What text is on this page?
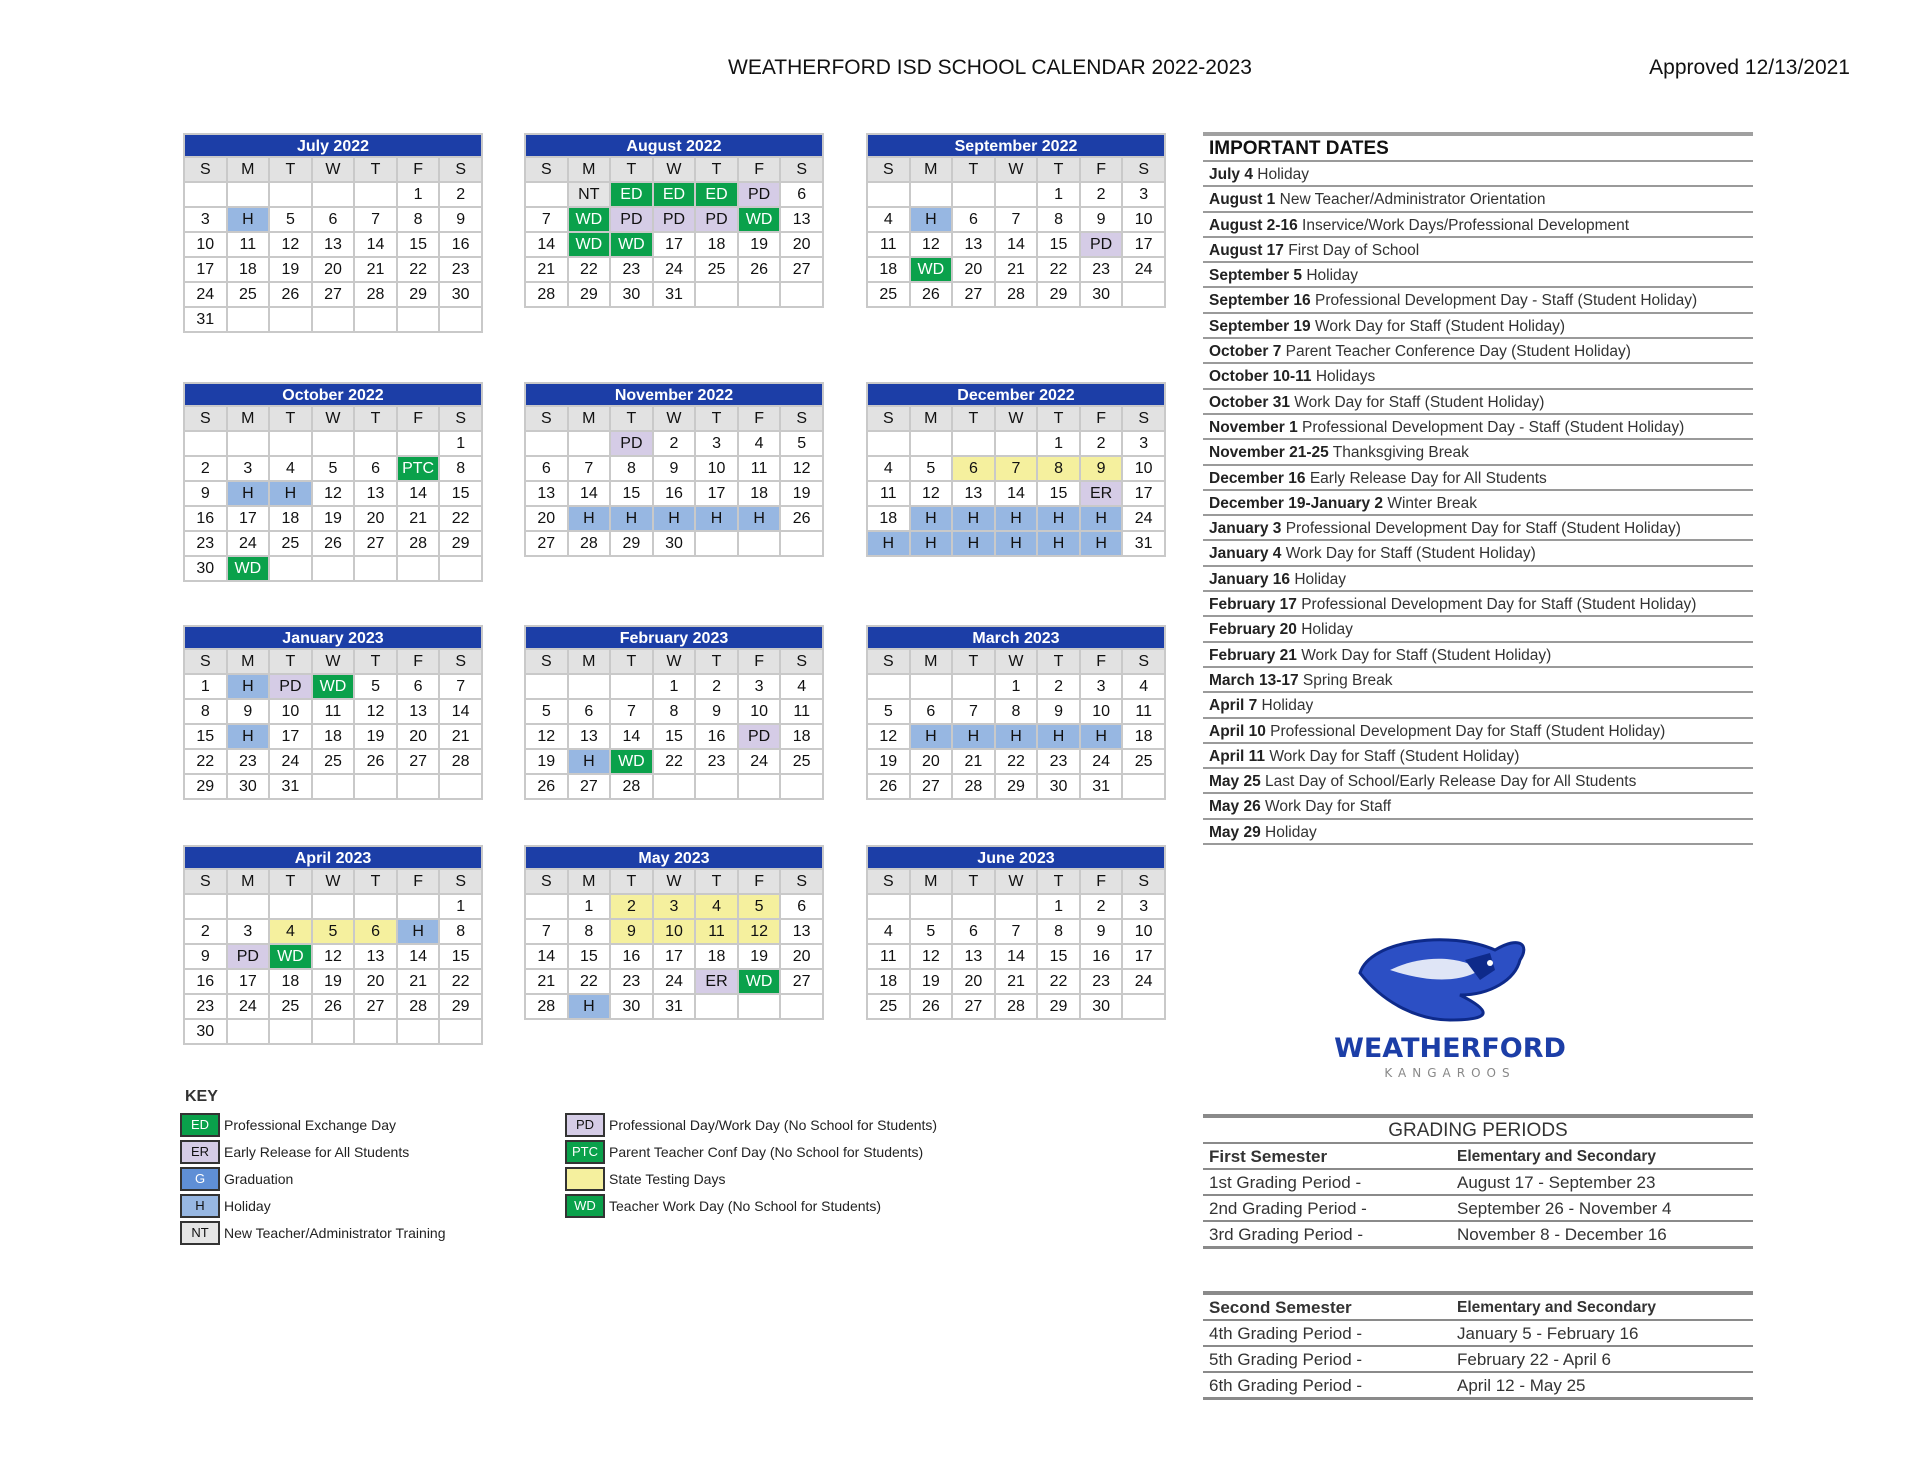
WEATHERFORD ISD SCHOOL CALENDAR 2022-2023	Approved 12/13/2021
July 2022
S	M	T	W	T	F	S
					1	2
3	H	5	6	7	8	9
10	11	12	13	14	15	16
17	18	19	20	21	22	23
24	25	26	27	28	29	30
31						
August 2022
S	M	T	W	T	F	S
	NT	ED	ED	ED	PD	6
7	WD	PD	PD	PD	WD	13
14	WD	WD	17	18	19	20
21	22	23	24	25	26	27
28	29	30	31			
September 2022
S	M	T	W	T	F	S
				1	2	3
4	H	6	7	8	9	10
11	12	13	14	15	PD	17
18	WD	20	21	22	23	24
25	26	27	28	29	30	
October 2022
S	M	T	W	T	F	S
						1
2	3	4	5	6	PTC	8
9	H	H	12	13	14	15
16	17	18	19	20	21	22
23	24	25	26	27	28	29
30	WD					
November 2022
S	M	T	W	T	F	S
		PD	2	3	4	5
6	7	8	9	10	11	12
13	14	15	16	17	18	19
20	H	H	H	H	H	26
27	28	29	30			
December 2022
S	M	T	W	T	F	S
				1	2	3
4	5	6	7	8	9	10
11	12	13	14	15	ER	17
18	H	H	H	H	H	24
H	H	H	H	H	H	31
January 2023
S	M	T	W	T	F	S
1	H	PD	WD	5	6	7
8	9	10	11	12	13	14
15	H	17	18	19	20	21
22	23	24	25	26	27	28
29	30	31				
February 2023
S	M	T	W	T	F	S
			1	2	3	4
5	6	7	8	9	10	11
12	13	14	15	16	PD	18
19	H	WD	22	23	24	25
26	27	28				
March 2023
S	M	T	W	T	F	S
			1	2	3	4
5	6	7	8	9	10	11
12	H	H	H	H	H	18
19	20	21	22	23	24	25
26	27	28	29	30	31	
April 2023
S	M	T	W	T	F	S
						1
2	3	4	5	6	H	8
9	PD	WD	12	13	14	15
16	17	18	19	20	21	22
23	24	25	26	27	28	29
30						
May 2023
S	M	T	W	T	F	S
	1	2	3	4	5	6
7	8	9	10	11	12	13
14	15	16	17	18	19	20
21	22	23	24	ER	WD	27
28	H	30	31			
June 2023
S	M	T	W	T	F	S
				1	2	3
4	5	6	7	8	9	10
11	12	13	14	15	16	17
18	19	20	21	22	23	24
25	26	27	28	29	30	
KEY
ED	Professional Exchange Day
ER	Early Release for All Students
G	Graduation
H	Holiday
NT	New Teacher/Administrator Training
PD	Professional Day/Work Day (No School for Students)
PTC Parent Teacher Conf Day (No School for Students)
State Testing Days
WD Teacher Work Day (No School for Students)
IMPORTANT DATES
July 4 Holiday
August 1 New Teacher/Administrator Orientation
August 2-16 Inservice/Work Days/Professional Development
August 17 First Day of School
September 5 Holiday
September 16 Professional Development Day - Staff (Student Holiday)
September 19 Work Day for Staff (Student Holiday)
October 7 Parent Teacher Conference Day (Student Holiday)
October 10-11 Holidays
October 31 Work Day for Staff (Student Holiday)
November 1 Professional Development Day - Staff (Student Holiday)
November 21-25 Thanksgiving Break
December 16 Early Release Day for All Students
December 19-January 2 Winter Break
January 3 Professional Development Day for Staff (Student Holiday)
January 4 Work Day for Staff (Student Holiday)
January 16 Holiday
February 17 Professional Development Day for Staff (Student Holiday)
February 20 Holiday
February 21 Work Day for Staff (Student Holiday)
March 13-17 Spring Break
April 7 Holiday
April 10 Professional Development Day for Staff (Student Holiday)
April 11 Work Day for Staff (Student Holiday)
May 25 Last Day of School/Early Release Day for All Students
May 26 Work Day for Staff
May 29 Holiday
WEATHERFORD
KANGAROOS
GRADING PERIODS
First Semester	Elementary and Secondary
1st Grading Period -	August 17 - September 23
2nd Grading Period -	September 26 - November 4
3rd Grading Period -	November 8 - December 16
Second Semester	Elementary and Secondary
4th Grading Period -	January 5 - February 16
5th Grading Period -	February 22 - April 6
6th Grading Period -	April 12 - May 25
